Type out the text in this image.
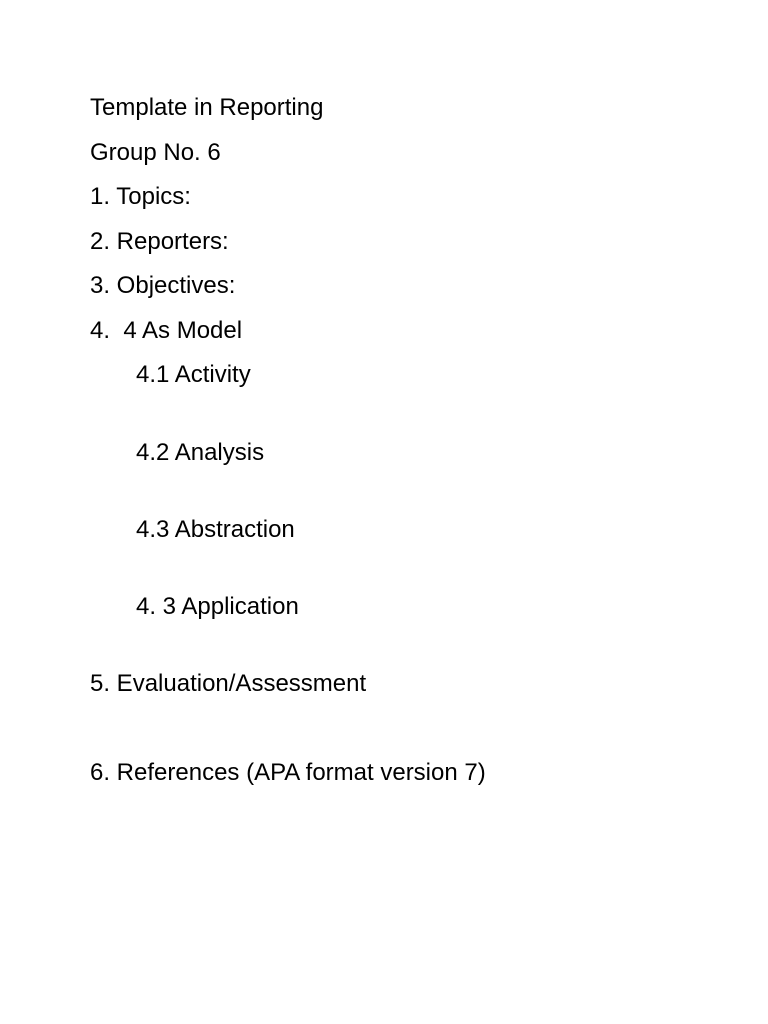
Template in Reporting
Group No. 6
1. Topics:
2. Reporters:
3. Objectives:
4.  4 As Model
4.1 Activity
4.2 Analysis
4.3 Abstraction
4. 3 Application
5. Evaluation/Assessment
6. References (APA format version 7)
